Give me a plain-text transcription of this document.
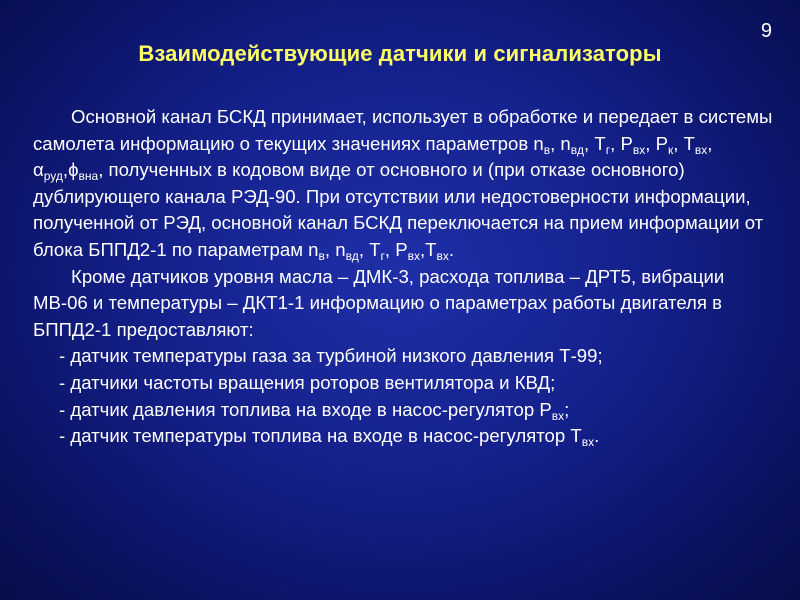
9
Взаимодействующие датчики и сигнализаторы

Основной канал БСКД принимает, использует в обработке и передает в системы самолета информацию о текущих значениях параметров $n_в$, $n_{вд}$, $T_г$, $P_{вх}$, $P_к$, $Т_{вх}$, $\alpha_{руд},\phi_{вна}$, полученных в кодовом виде от основного и (при отказе основного) дублирующего канала РЭД-90. При отсутствии или недостоверности информации, полученной от РЭД, основной канал БСКД переключается на прием информации от блока БППД2-1 по параметрам $n_в$, $n_{вд}$, $T_г$, $P_{вх},T_{вх}$.

Кроме датчиков уровня масла – ДМК-3, расхода топлива – ДРТ5, вибрации МВ-06 и температуры – ДКТ1-1 информацию о параметрах работы двигателя в БППД2-1 предоставляют:

- датчик температуры газа за турбиной низкого давления Т-99;

- датчики частоты вращения роторов вентилятора и КВД;

- датчик давления топлива на входе в насос-регулятор $Р_{вх}$;

- датчик температуры топлива на входе в насос-регулятор $Т_{вх}$.
